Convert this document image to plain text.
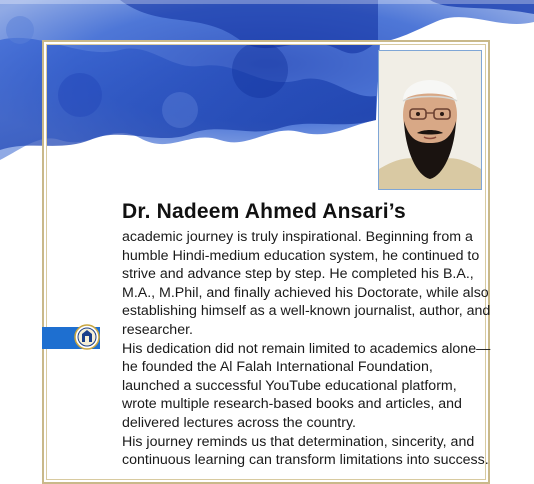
Dr. Nadeem Ahmed Ansari’s

academic journey is truly inspirational. Beginning from a humble Hindi-medium education system, he continued to strive and advance step by step. He completed his B.A., M.A., M.Phil, and finally achieved his Doctorate, while also establishing himself as a well-known journalist, author, and researcher.

His dedication did not remain limited to academics alone—he founded the Al Falah International Foundation, launched a successful YouTube educational platform, wrote multiple research-based books and articles, and delivered lectures across the country.

His journey reminds us that determination, sincerity, and continuous learning can transform limitations into success.
